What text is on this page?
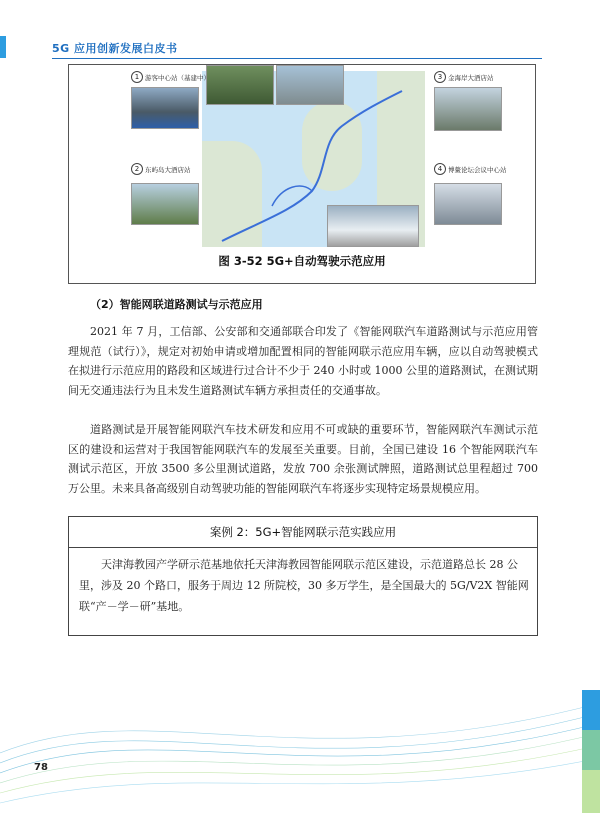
5G 应用创新发展白皮书
1 游客中心站（基建中）
2 东屿岛大酒店站
3 金海岸大酒店站
4 博鳌论坛会议中心站
图 3-52 5G+自动驾驶示范应用
（2）智能网联道路测试与示范应用
2021 年 7 月，工信部、公安部和交通部联合印发了《智能网联汽车道路测试与示范应用管理规范（试行）》，规定对初始申请或增加配置相同的智能网联示范应用车辆，应以自动驾驶模式在拟进行示范应用的路段和区域进行过合计不少于 240 小时或 1000 公里的道路测试，在测试期间无交通违法行为且未发生道路测试车辆方承担责任的交通事故。
道路测试是开展智能网联汽车技术研发和应用不可或缺的重要环节，智能网联汽车测试示范区的建设和运营对于我国智能网联汽车的发展至关重要。目前，全国已建设 16 个智能网联汽车测试示范区，开放 3500 多公里测试道路，发放 700 余张测试牌照，道路测试总里程超过 700 万公里。未来具备高级别自动驾驶功能的智能网联汽车将逐步实现特定场景规模应用。
案例 2：5G+智能网联示范实践应用
天津海教园产学研示范基地依托天津海教园智能网联示范区建设，示范道路总长 28 公里，涉及 20 个路口，服务于周边 12 所院校，30 多万学生，是全国最大的 5G/V2X 智能网联“产－学－研”基地。
78
